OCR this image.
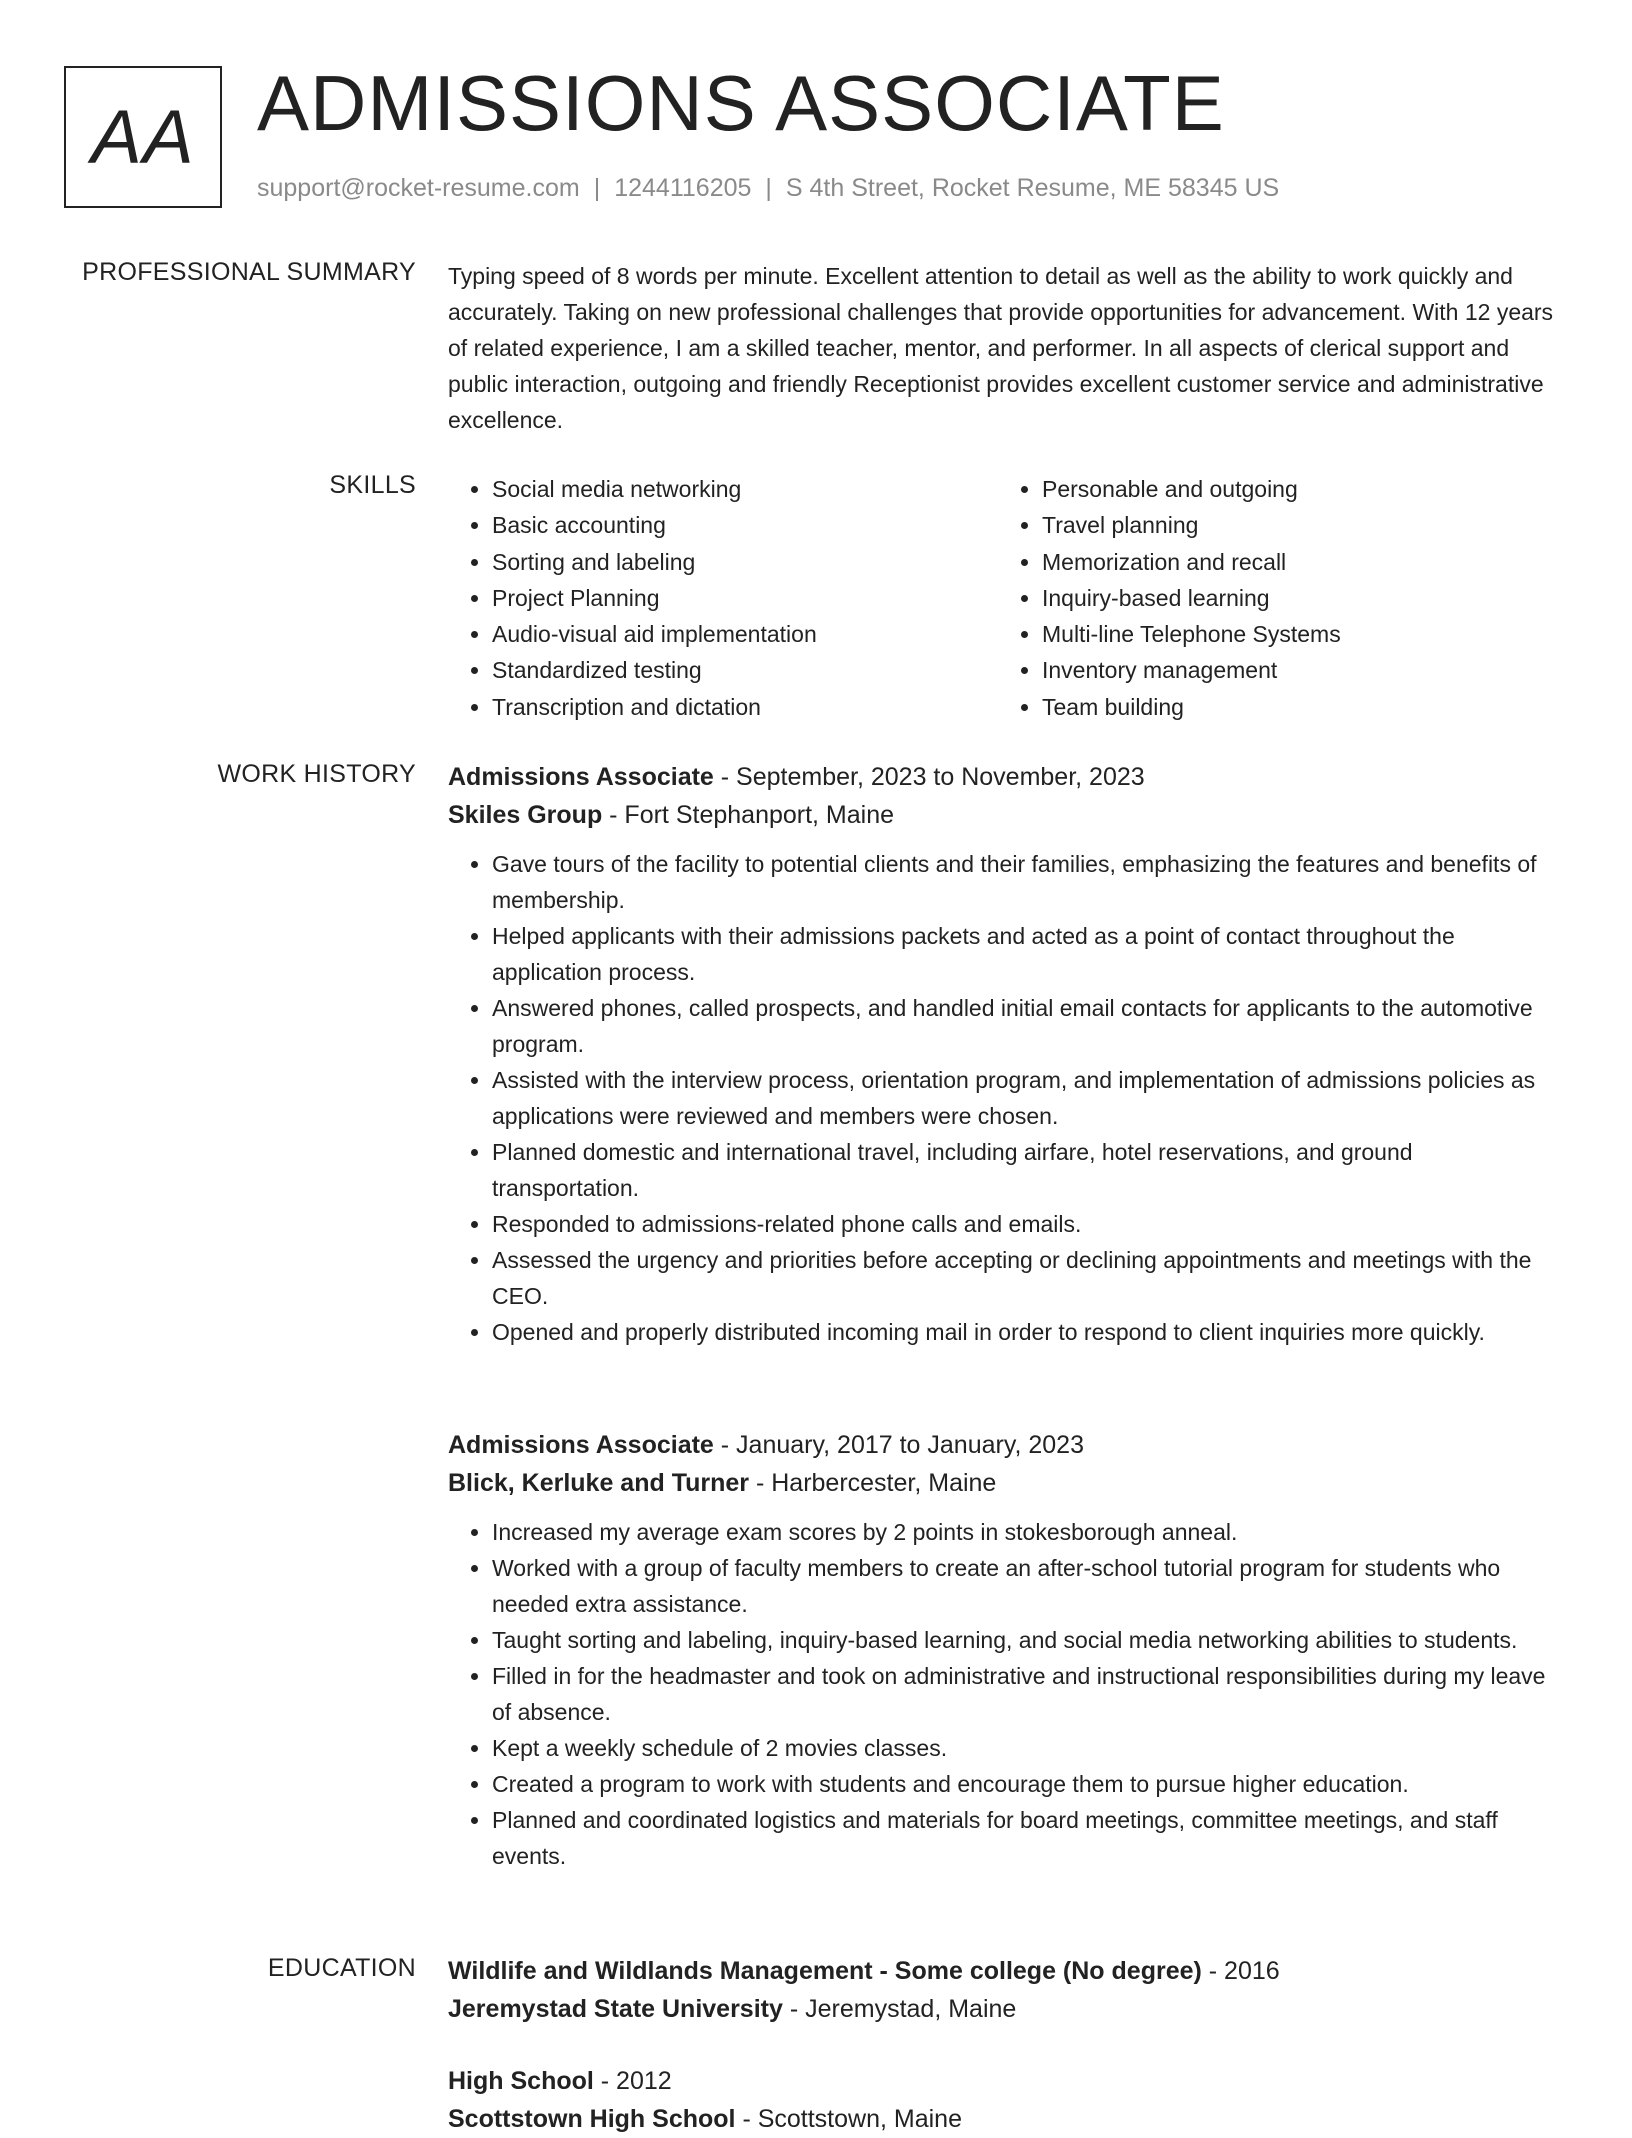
AA ADMISSIONS ASSOCIATE
support@rocket-resume.com | 1244116205 | S 4th Street, Rocket Resume, ME 58345 US
PROFESSIONAL SUMMARY Typing speed of 8 words per minute. Excellent attention to detail as well as the ability to work quickly and accurately. Taking on new professional challenges that provide opportunities for advancement. With 12 years of related experience, I am a skilled teacher, mentor, and performer. In all aspects of clerical support and public interaction, outgoing and friendly Receptionist provides excellent customer service and administrative excellence.
SKILLS
•	Social media networking
• Basic accounting
• Sorting and labeling
• Project Planning
• Audio-visual aid implementation
• Standardized testing
• Transcription and dictation
• Personable and outgoing
• Travel planning
• Memorization and recall
• Inquiry-based learning
• Multi-line Telephone Systems
• Inventory management
• Team building
WORK HISTORY Admissions Associate - September, 2023 to November, 2023
Skiles Group - Fort Stephanport, Maine
• Gave tours of the facility to potential clients and their families, emphasizing the features and benefits of membership.
• Helped applicants with their admissions packets and acted as a point of contact throughout the application process.
• Answered phones, called prospects, and handled initial email contacts for applicants to the automotive program.
• Assisted with the interview process, orientation program, and implementation of admissions policies as applications were reviewed and members were chosen.
• Planned domestic and international travel, including airfare, hotel reservations, and ground transportation.
• Responded to admissions-related phone calls and emails.
• Assessed the urgency and priorities before accepting or declining appointments and meetings with the CEO.
• Opened and properly distributed incoming mail in order to respond to client inquiries more quickly.
Admissions Associate - January, 2017 to January, 2023
Blick, Kerluke and Turner - Harbercester, Maine
• Increased my average exam scores by 2 points in stokesborough anneal.
• Worked with a group of faculty members to create an after-school tutorial program for students who needed extra assistance.
• Taught sorting and labeling, inquiry-based learning, and social media networking abilities to students.
• Filled in for the headmaster and took on administrative and instructional responsibilities during my leave of absence.
• Kept a weekly schedule of 2 movies classes.
• Created a program to work with students and encourage them to pursue higher education.
• Planned and coordinated logistics and materials for board meetings, committee meetings, and staff events.
EDUCATION Wildlife and Wildlands Management - Some college (No degree) - 2016
Jeremystad State University - Jeremystad, Maine
High School - 2012
Scottstown High School - Scottstown, Maine
